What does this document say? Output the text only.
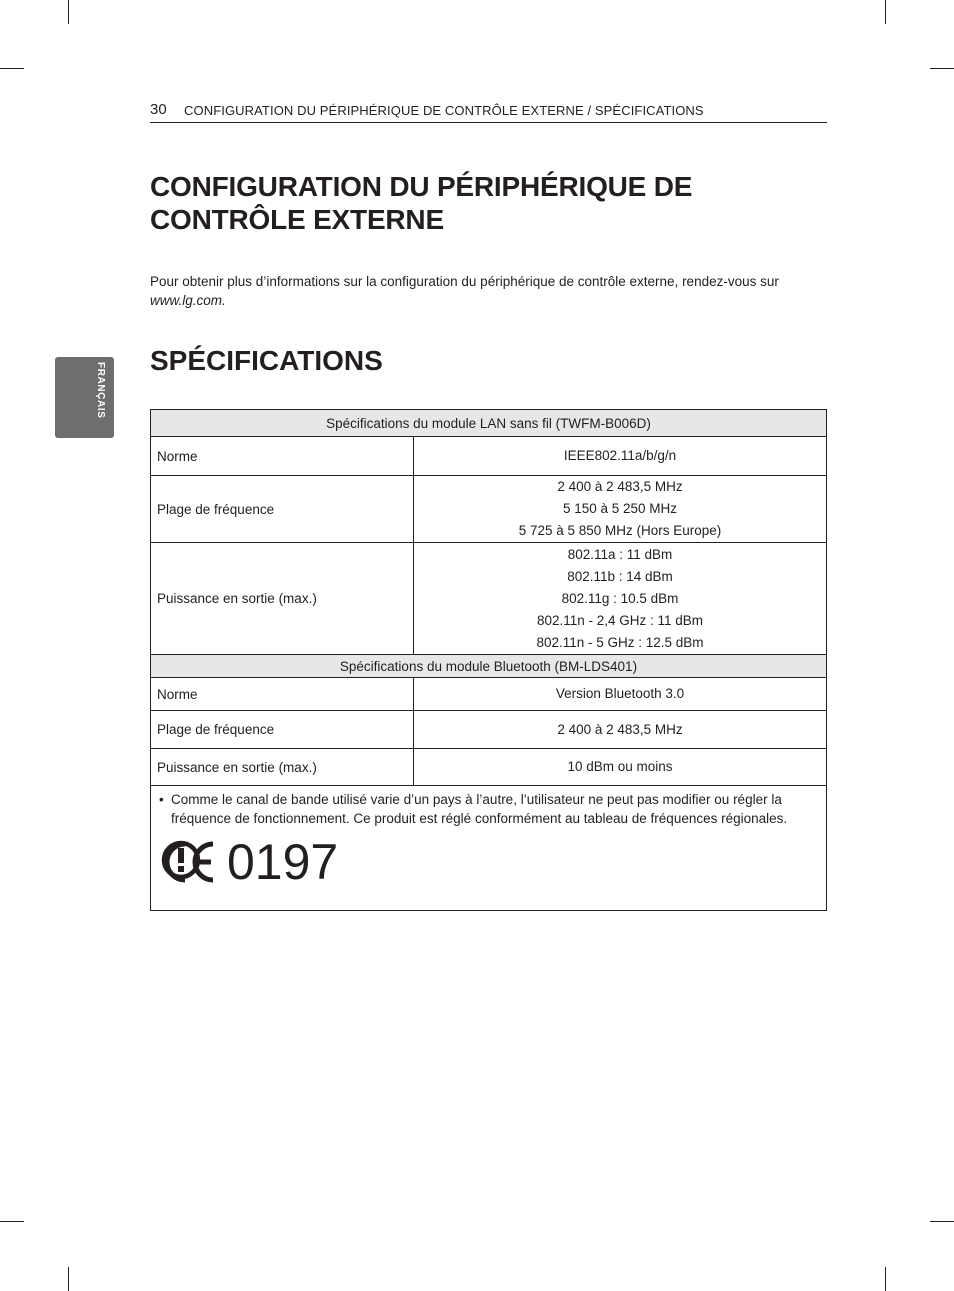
30 CONFIGURATION DU PÉRIPHÉRIQUE DE CONTRÔLE EXTERNE / SPÉCIFICATIONS
FRANÇAIS
CONFIGURATION DU PÉRIPHÉRIQUE DE CONTRÔLE EXTERNE

Pour obtenir plus d’informations sur la configuration du périphérique de contrôle externe, rendez-vous sur
www.lg.com.

SPÉCIFICATIONS
Spécifications du module LAN sans fil (TWFM-B006D)	
Norme	IEEE802.11a/b/g/n

Plage de fréquence	2 400 à 2 483,5 MHz
5 150 à 5 250 MHz
5 725 à 5 850 MHz (Hors Europe)

Puissance en sortie (max.)	802.11a : 11 dBm
802.11b : 14 dBm
802.11g : 10.5 dBm
802.11n - 2,4 GHz : 11 dBm
802.11n - 5 GHz : 12.5 dBm

Spécifications du module Bluetooth (BM-LDS401)	
Norme	Version Bluetooth 3.0

Plage de fréquence	2 400 à 2 483,5 MHz

Puissance en sortie (max.)	10 dBm ou moins

• Comme le canal de bande utilisé varie d’un pays à l’autre, l’utilisateur ne peut pas modifier ou régler la
fréquence de fonctionnement. Ce produit est réglé conformément au tableau de fréquences régionales.
0197	
